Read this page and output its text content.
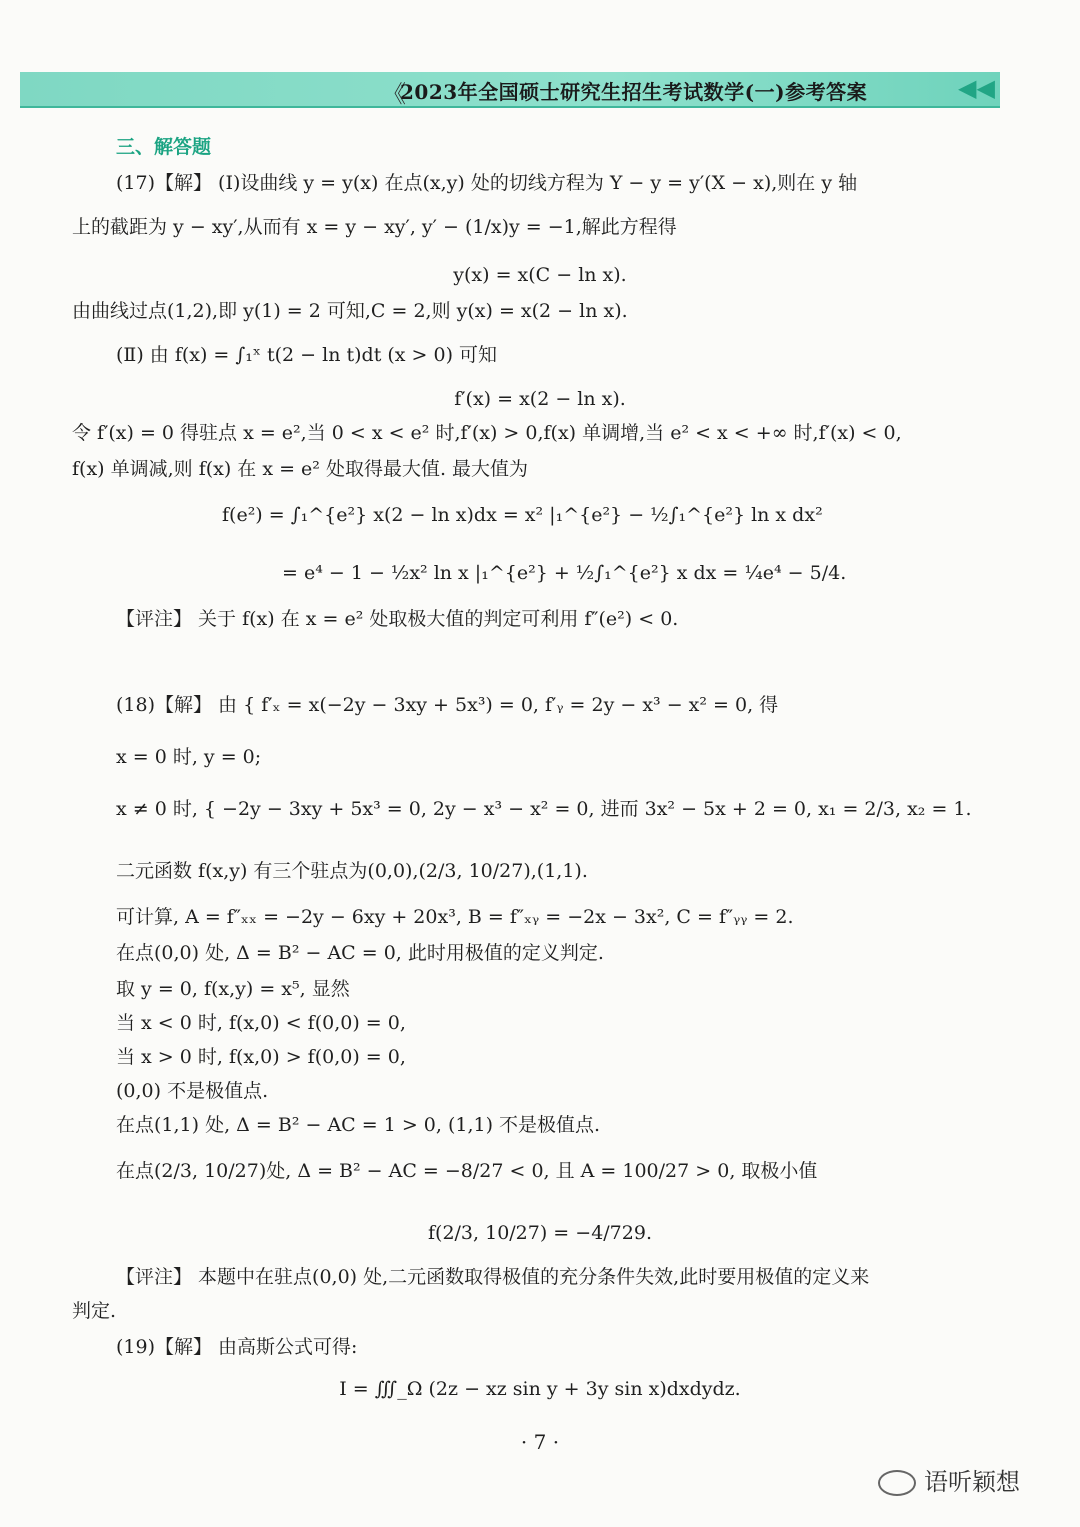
《
2023年全国硕士研究生招生考试数学(一)参考答案	◀◀
三、解答题
(17)【解】 (Ⅰ)设曲线 y = y(x) 在点(x,y) 处的切线方程为 Y − y = y′(X − x),则在 y 轴
上的截距为 y − xy′,从而有 x = y − xy′, y′ − (1/x)y = −1,解此方程得
y(x) = x(C − ln x).
由曲线过点(1,2),即 y(1) = 2 可知,C = 2,则 y(x) = x(2 − ln x).
(Ⅱ) 由 f(x) = ∫₁ˣ t(2 − ln t)dt (x > 0) 可知
f′(x) = x(2 − ln x).
令 f′(x) = 0 得驻点 x = e²,当 0 < x < e² 时,f′(x) > 0,f(x) 单调增,当 e² < x < +∞ 时,f′(x) < 0,
f(x) 单调减,则 f(x) 在 x = e² 处取得最大值. 最大值为
f(e²) = ∫₁^{e²} x(2 − ln x)dx = x² |₁^{e²} − ½∫₁^{e²} ln x dx²
= e⁴ − 1 − ½x² ln x |₁^{e²} + ½∫₁^{e²} x dx = ¼e⁴ − 5/4.
【评注】 关于 f(x) 在 x = e² 处取极大值的判定可利用 f″(e²) < 0.
(18)【解】 由 { f′ₓ = x(−2y − 3xy + 5x³) = 0, f′ᵧ = 2y − x³ − x² = 0, 得
x = 0 时, y = 0;
x ≠ 0 时, { −2y − 3xy + 5x³ = 0, 2y − x³ − x² = 0, 进而 3x² − 5x + 2 = 0, x₁ = 2/3, x₂ = 1.
二元函数 f(x,y) 有三个驻点为(0,0),(2/3, 10/27),(1,1).
可计算, A = f″ₓₓ = −2y − 6xy + 20x³, B = f″ₓᵧ = −2x − 3x², C = f″ᵧᵧ = 2.
在点(0,0) 处, Δ = B² − AC = 0, 此时用极值的定义判定.
取 y = 0, f(x,y) = x⁵, 显然
当 x < 0 时, f(x,0) < f(0,0) = 0,
当 x > 0 时, f(x,0) > f(0,0) = 0,
(0,0) 不是极值点.
在点(1,1) 处, Δ = B² − AC = 1 > 0, (1,1) 不是极值点.
在点(2/3, 10/27)处, Δ = B² − AC = −8/27 < 0, 且 A = 100/27 > 0, 取极小值
f(2/3, 10/27) = −4/729.
【评注】 本题中在驻点(0,0) 处,二元函数取得极值的充分条件失效,此时要用极值的定义来
判定.
(19)【解】 由高斯公式可得:
I = ∭_Ω (2z − xz sin y + 3y sin x)dxdydz.
· 7 ·
语听颖想
